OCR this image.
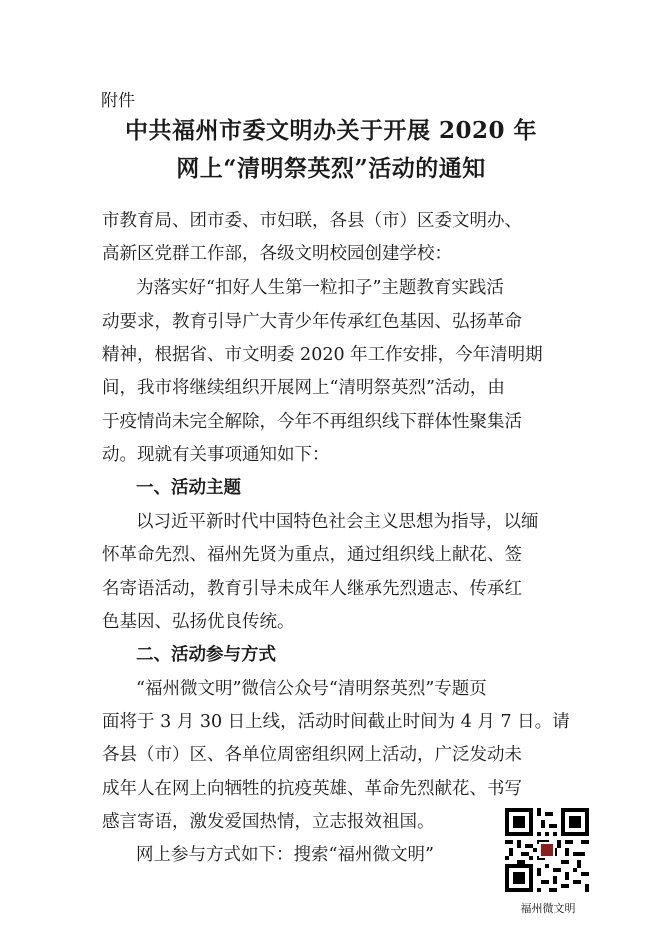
附件
中共福州市委文明办关于开展 2020 年
网上“清明祭英烈”活动的通知
市教育局、团市委、市妇联，各县（市）区委文明办、
高新区党群工作部，各级文明校园创建学校：
为落实好“扣好人生第一粒扣子”主题教育实践活
动要求，教育引导广大青少年传承红色基因、弘扬革命
精神，根据省、市文明委 2020 年工作安排，今年清明期
间，我市将继续组织开展网上“清明祭英烈”活动，由
于疫情尚未完全解除，今年不再组织线下群体性聚集活
动。现就有关事项通知如下：
一、活动主题
以习近平新时代中国特色社会主义思想为指导，以缅
怀革命先烈、福州先贤为重点，通过组织线上献花、签
名寄语活动，教育引导未成年人继承先烈遗志、传承红
色基因、弘扬优良传统。
二、活动参与方式
“福州微文明”微信公众号“清明祭英烈”专题页
面将于 3 月 30 日上线，活动时间截止时间为 4 月 7 日。请
各县（市）区、各单位周密组织网上活动，广泛发动未
成年人在网上向牺牲的抗疫英雄、革命先烈献花、书写
感言寄语，激发爱国热情，立志报效祖国。
网上参与方式如下：搜索“福州微文明”
福州微文明
